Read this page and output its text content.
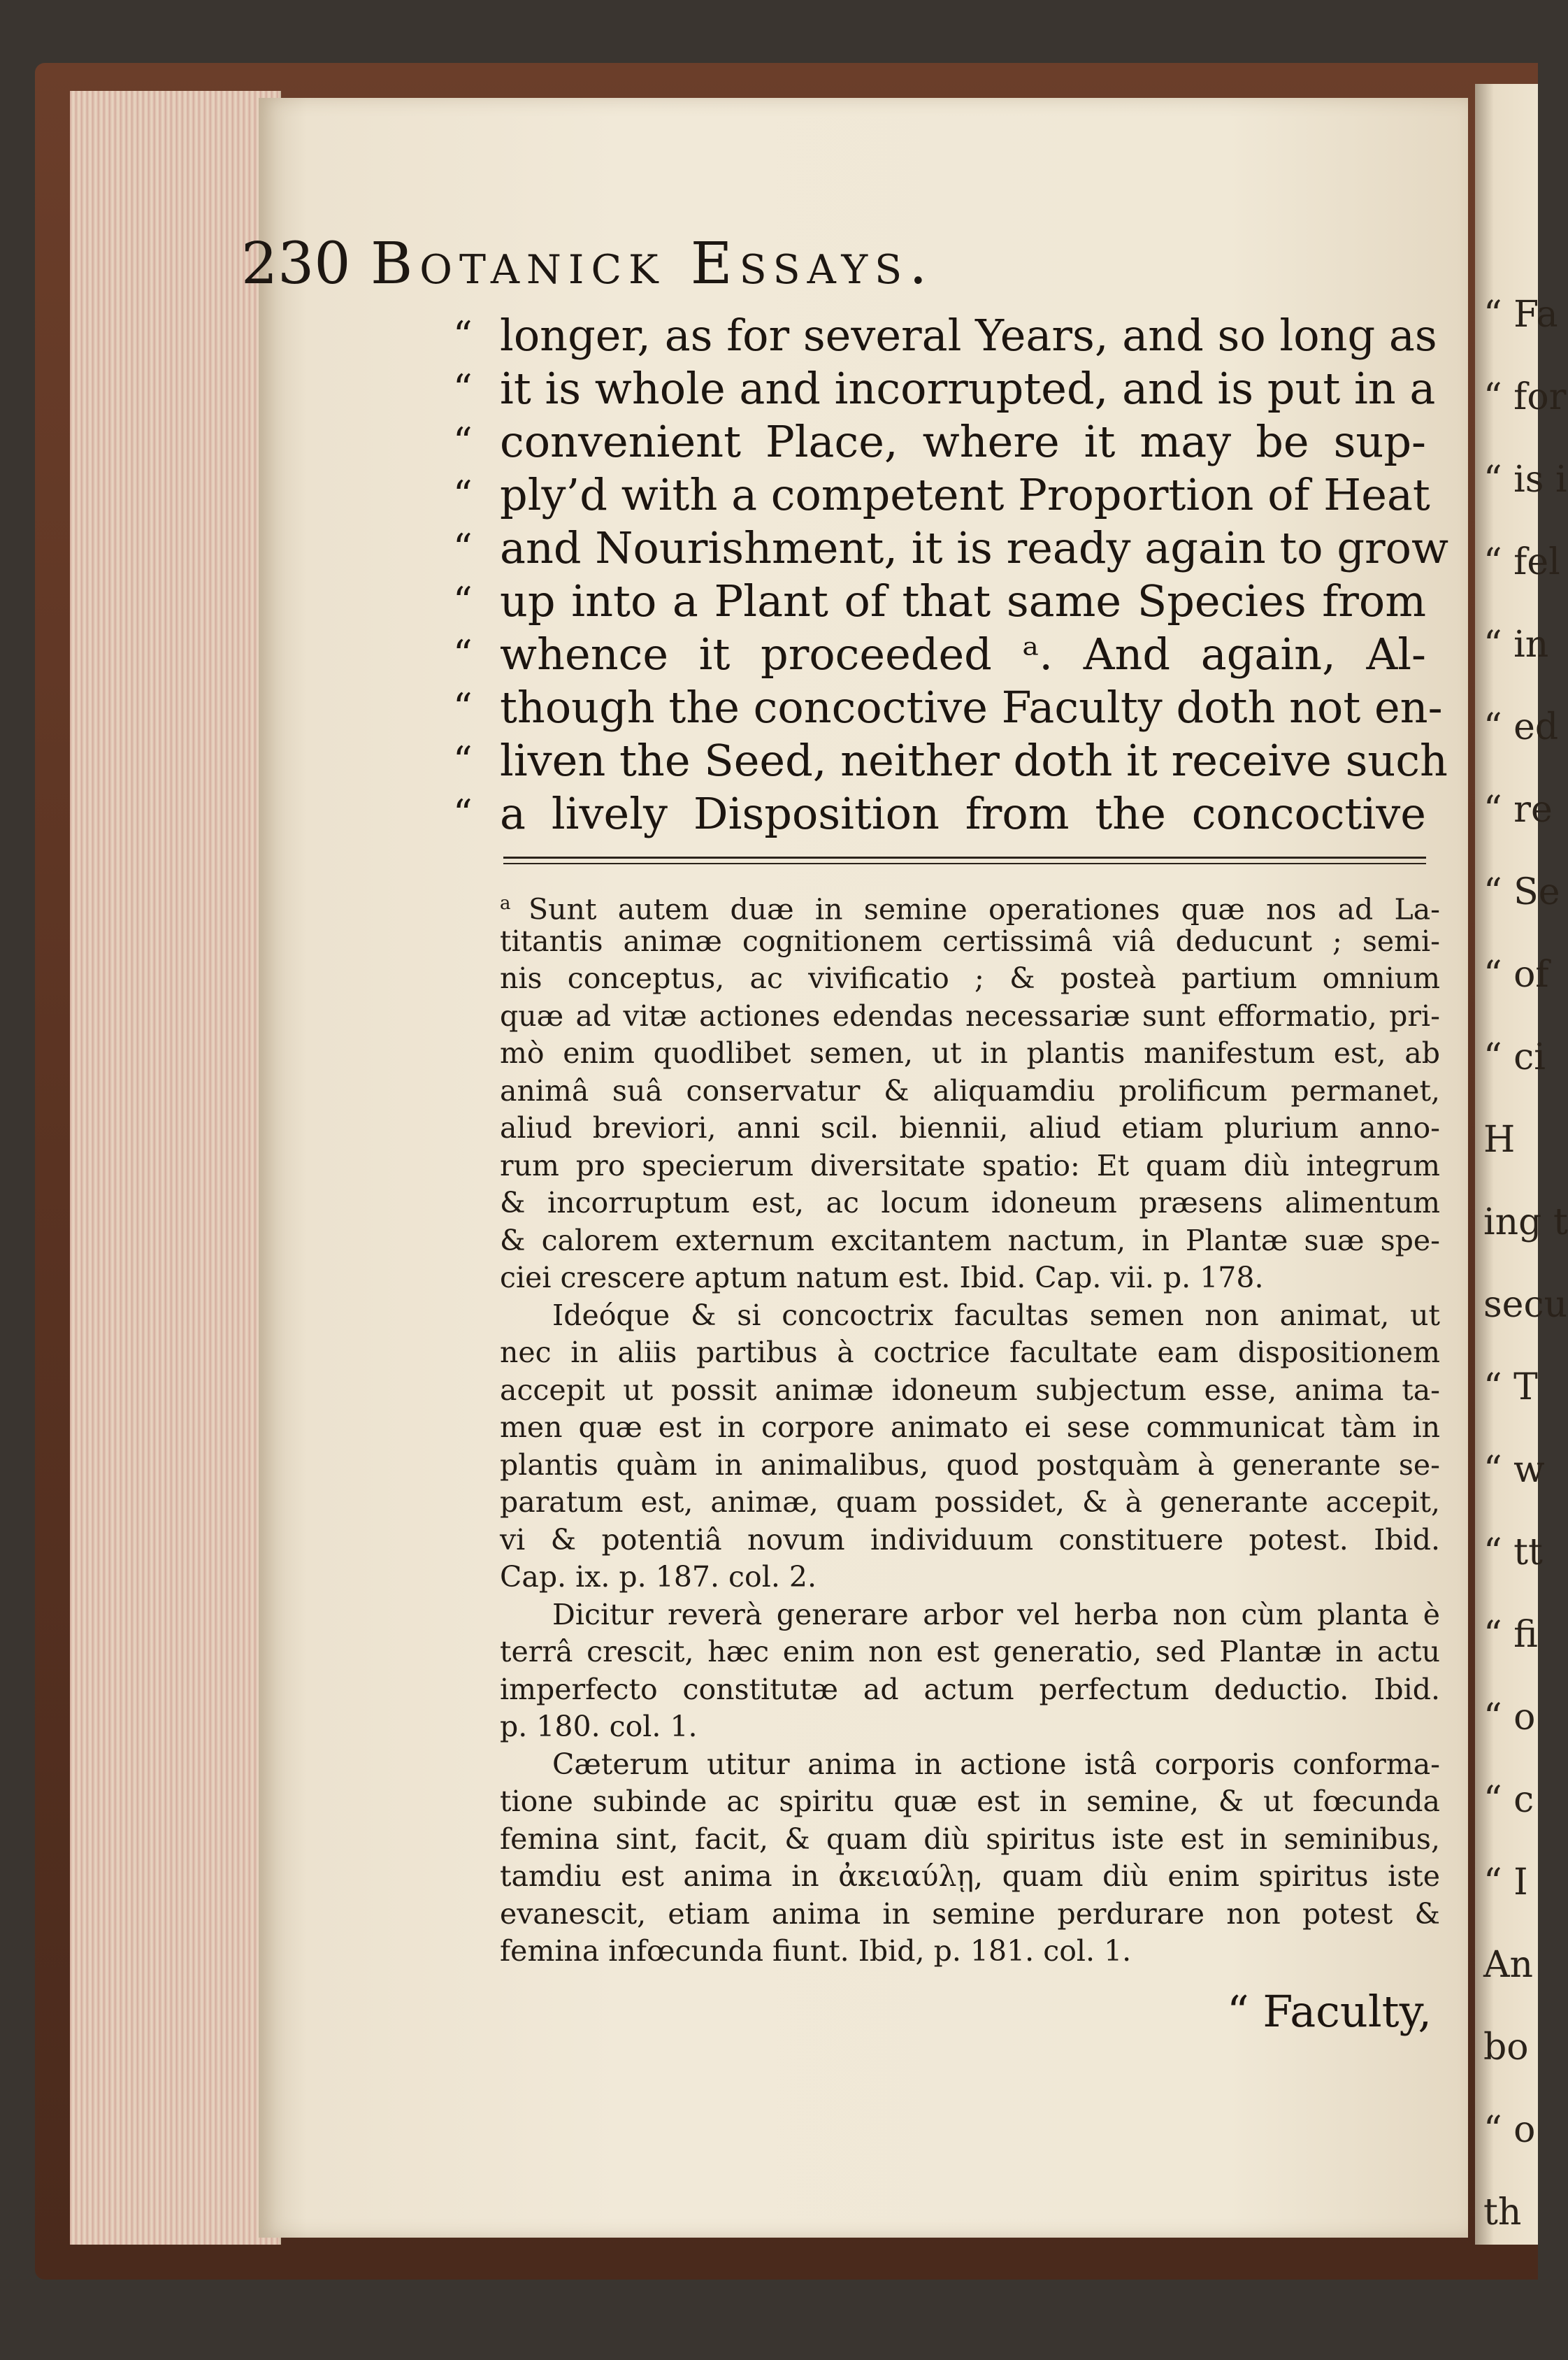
“ Fa
“ for
“ is i
“ fel
“ in
“ ed
“ re
“ Se
“ of
“ ci
H
ing t
secu
“ T
“ w
“ tt
“ fi
“ o
“ c
“ I
An
bo
“ o
th
230 Botanick Essays.
“ longer, as for several Years, and so long as
“ it is whole and incorrupted, and is put in a
“ convenient Place, where it may be sup-
“ ply’d with a competent Proportion of Heat
“ and Nourishment, it is ready again to grow
“ up into a Plant of that same Species from
“ whence it proceeded ᵃ. And again, Al-
“ though the concoctive Faculty doth not en-
“ liven the Seed, neither doth it receive such
“ a lively Disposition from the concoctive
$^a$ Sunt autem duæ in semine operationes quæ nos ad La-
titantis animæ cognitionem certissimâ viâ deducunt ; semi-
nis conceptus, ac vivificatio ; & posteà partium omnium
quæ ad vitæ actiones edendas necessariæ sunt efformatio, pri-
mò enim quodlibet semen, ut in plantis manifestum est, ab
animâ suâ conservatur & aliquamdiu prolificum permanet,
aliud breviori, anni scil. biennii, aliud etiam plurium anno-
rum pro specierum diversitate spatio: Et quam diù integrum
& incorruptum est, ac locum idoneum præsens alimentum
& calorem externum excitantem nactum, in Plantæ suæ spe-
ciei crescere aptum natum est. Ibid. Cap. vii. p. 178.
Ideóque & si concoctrix facultas semen non animat, ut
nec in aliis partibus à coctrice facultate eam dispositionem
accepit ut possit animæ idoneum subjectum esse, anima ta-
men quæ est in corpore animato ei sese communicat tàm in
plantis quàm in animalibus, quod postquàm à generante se-
paratum est, animæ, quam possidet, & à generante accepit,
vi & potentiâ novum individuum constituere potest. Ibid.
Cap. ix. p. 187. col. 2.
Dicitur reverà generare arbor vel herba non cùm planta è
terrâ crescit, hæc enim non est generatio, sed Plantæ in actu
imperfecto constitutæ ad actum perfectum deductio. Ibid.
p. 180. col. 1.
Cæterum utitur anima in actione istâ corporis conforma-
tione subinde ac spiritu quæ est in semine, & ut fœcunda
femina sint, facit, & quam diù spiritus iste est in seminibus,
tamdiu est anima in ἀκειαύλῃ, quam diù enim spiritus iste
evanescit, etiam anima in semine perdurare non potest &
femina infœcunda fiunt. Ibid, p. 181. col. 1.
“ Faculty,
